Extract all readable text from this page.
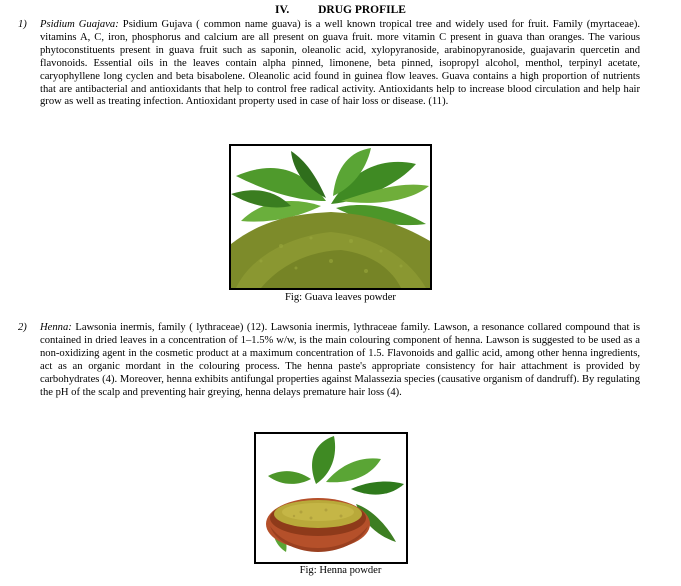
IV.	DRUG PROFILE
1) Psidium Guajava: Psidium Gujava ( common name guava) is a well known tropical tree and widely used for fruit. Family (myrtaceae). vitamins A, C, iron, phosphorus and calcium are all present on guava fruit. more vitamin C present in guava than oranges. The various phytoconstituents present in guava fruit such as saponin, oleanolic acid, xylopyranoside, arabinopyranoside, guajavarin quercetin and flavonoids. Essential oils in the leaves contain alpha pinned, limonene, beta pinned, isopropyl alcohol, menthol, terpinyl acetate, caryophyllene long cyclen and beta bisabolene. Oleanolic acid found in guinea flow leaves. Guava contains a high proportion of nutrients that are antibacterial and antioxidants that help to control free radical activity. Antioxidants help to increase blood circulation and help hair grow as well as treating infection. Antioxidant property used in case of hair loss or disease. (11).
Fig: Guava leaves powder
2) Henna: Lawsonia inermis, family ( lythraceae) (12). Lawsonia inermis, lythraceae family. Lawson, a resonance collared compound that is contained in dried leaves in a concentration of 1–1.5% w/w, is the main colouring component of henna. Lawson is suggested to be used as a non-oxidizing agent in the cosmetic product at a maximum concentration of 1.5. Flavonoids and gallic acid, among other henna ingredients, act as an organic mordant in the colouring process. The henna paste's appropriate consistency for hair attachment is provided by carbohydrates (4). Moreover, henna exhibits antifungal properties against Malassezia species (causative organism of dandruff). By regulating the pH of the scalp and preventing hair greying, henna delays premature hair loss (4).
Fig: Henna powder
